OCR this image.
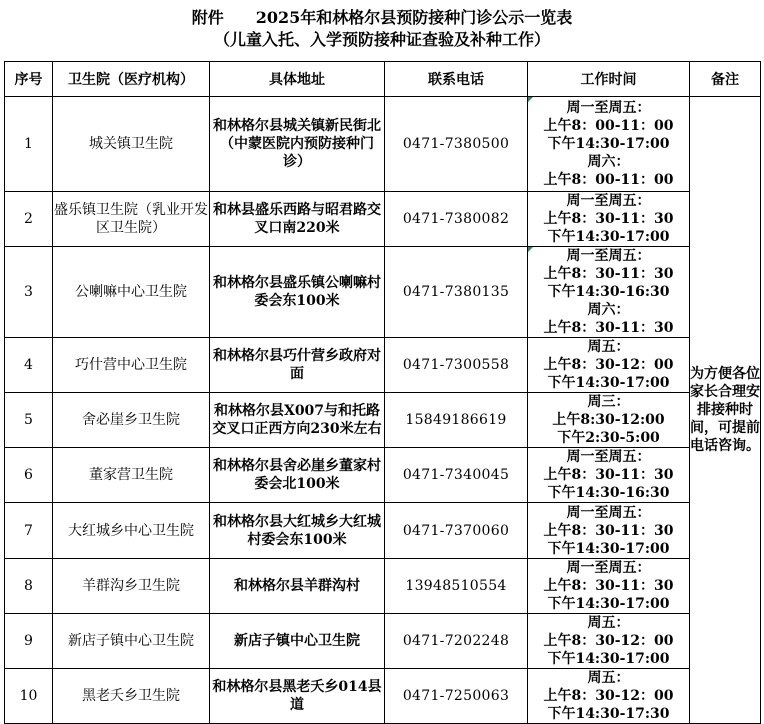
附件 2025年和林格尔县预防接种门诊公示一览表
（儿童入托、入学预防接种证查验及补种工作）
序号	卫生院（医疗机构）	具体地址	联系电话	工作时间	备注
1	城关镇卫生院	和林格尔县城关镇新民街北（中蒙医院内预防接种门诊）	0471-7380500	周一至周五：
上午8：00-11：00
下午14:30-17:00
周六：
上午8：00-11：00	为方便各位家长合理安排接种时间，可提前电话咨询。
2	盛乐镇卫生院（乳业开发区卫生院）	和林县盛乐西路与昭君路交叉口南220米	0471-7380082	周一至周五：
上午8：30-11：30
下午14:30-17:00	

3	公喇嘛中心卫生院	和林格尔县盛乐镇公喇嘛村委会东100米	0471-7380135	周一至周五：
上午8：30-11：30
下午14:30-16:30
周六：
上午8：30-11：30	

4	巧什营中心卫生院	和林格尔县巧什营乡政府对面	0471-7300558	周五：
上午8：30-12：00
下午14:30-17:00	

5	舍必崖乡卫生院	和林格尔县X007与和托路交叉口正西方向230米左右	15849186619	周三：
上午8:30-12:00
下午2:30-5:00	

6	董家营卫生院	和林格尔县舍必崖乡董家村委会北100米	0471-7340045	周一至周五：
上午8：30-11：30
下午14:30-16:30	

7	大红城乡中心卫生院	和林格尔县大红城乡大红城村委会东100米	0471-7370060	周一至周五：
上午8：30-11：30
下午14:30-17:00	

8	羊群沟乡卫生院	和林格尔县羊群沟村	13948510554	周一至周五：
上午8：30-11：30
下午14:30-17:00	

9	新店子镇中心卫生院	新店子镇中心卫生院	0471-7202248	周五：
上午8：30-12：00
下午14:30-17:00	

10	黑老夭乡卫生院	和林格尔县黑老夭乡014县道	0471-7250063	周五：
上午8：30-12：00
下午14:30-17:30	
